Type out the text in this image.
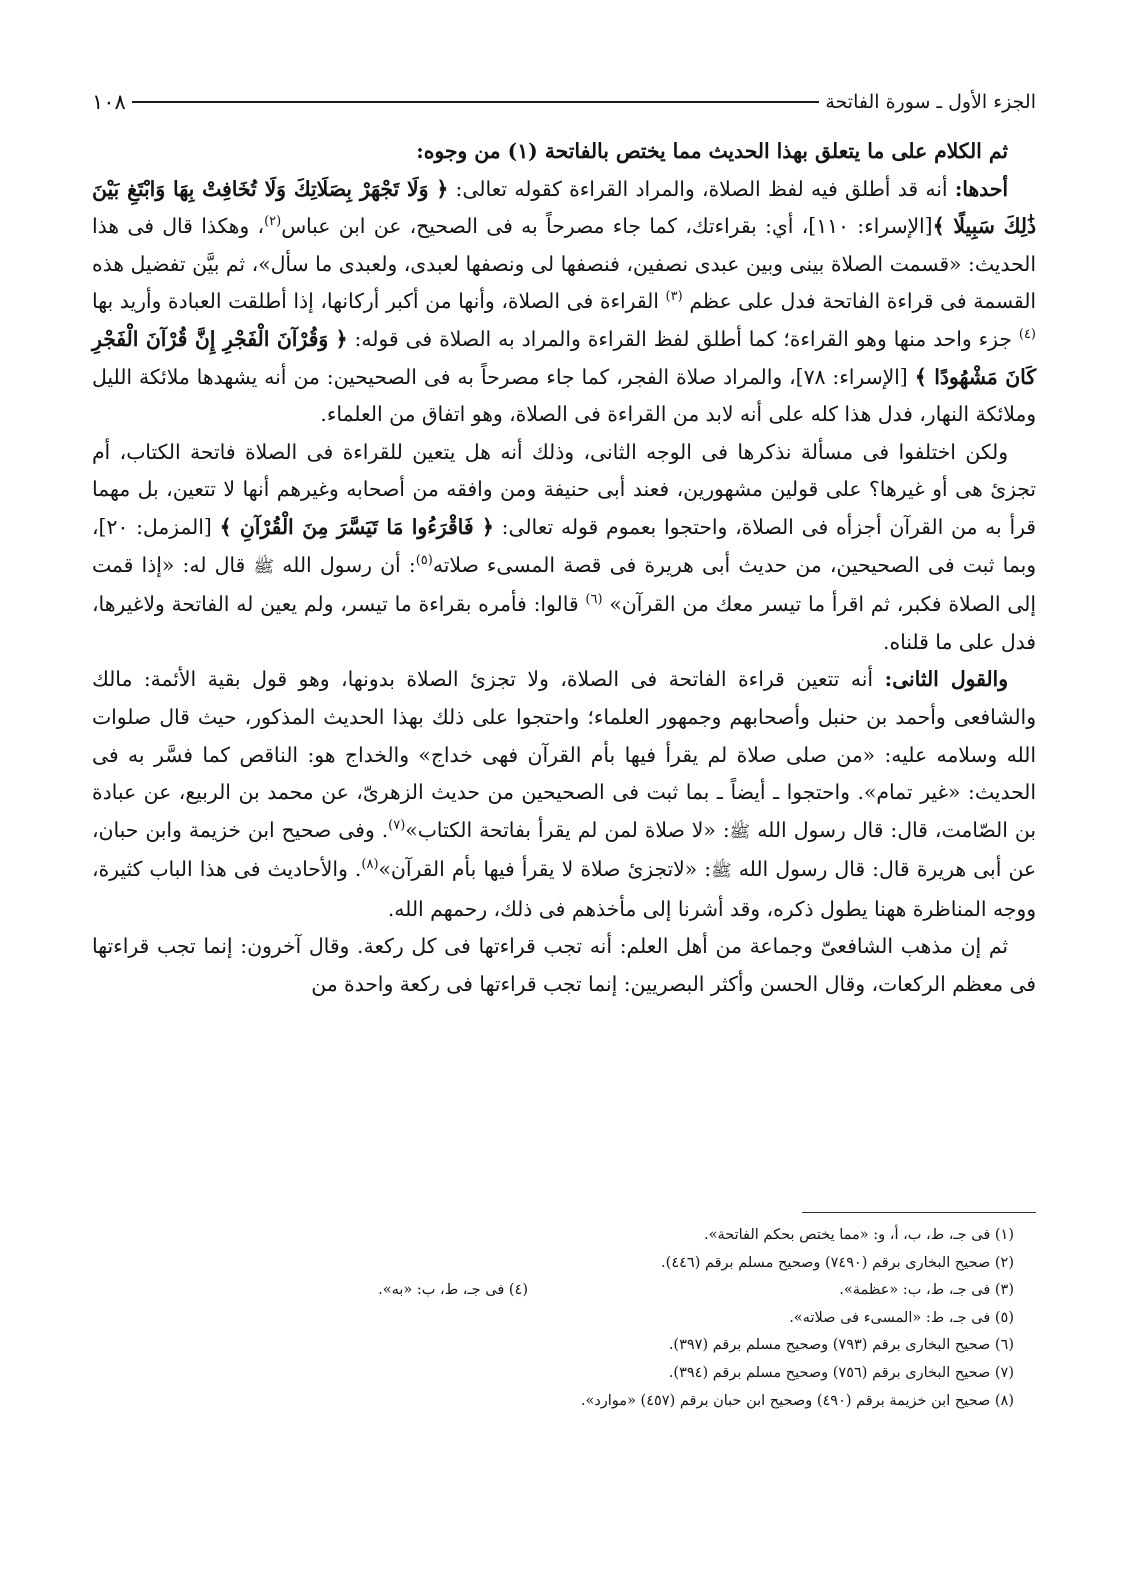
الجزء الأول ـ سورة الفاتحة
١٠٨

ثم الكلام على ما يتعلق بهذا الحديث مما يختص بالفاتحة (١) من وجوه:

أحدها: أنه قد أطلق فيه لفظ الصلاة، والمراد القراءة كقوله تعالى: ﴿ وَلَا تَجْهَرْ بِصَلَاتِكَ وَلَا تُخَافِتْ بِهَا وَابْتَغِ بَيْنَ ذَٰلِكَ سَبِيلًا ﴾[الإسراء: ١١٠]، أي: بقراءتك، كما جاء مصرحاً به فى الصحيح، عن ابن عباس$^{(٢)}$، وهكذا قال فى هذا الحديث: «قسمت الصلاة بينى وبين عبدى نصفين، فنصفها لى ونصفها لعبدى، ولعبدى ما سأل»، ثم بيَّن تفضيل هذه القسمة فى قراءة الفاتحة فدل على عظم $^{(٣)}$ القراءة فى الصلاة، وأنها من أكبر أركانها، إذا أطلقت العبادة وأريد بها $^{(٤)}$ جزء واحد منها وهو القراءة؛ كما أطلق لفظ القراءة والمراد به الصلاة فى قوله: ﴿ وَقُرْآنَ الْفَجْرِ إِنَّ قُرْآنَ الْفَجْرِ كَانَ مَشْهُودًا ﴾ [الإسراء: ٧٨]، والمراد صلاة الفجر، كما جاء مصرحاً به فى الصحيحين: من أنه يشهدها ملائكة الليل وملائكة النهار، فدل هذا كله على أنه لابد من القراءة فى الصلاة، وهو اتفاق من العلماء.

ولكن اختلفوا فى مسألة نذكرها فى الوجه الثانى، وذلك أنه هل يتعين للقراءة فى الصلاة فاتحة الكتاب، أم تجزئ هى أو غيرها؟ على قولين مشهورين، فعند أبى حنيفة ومن وافقه من أصحابه وغيرهم أنها لا تتعين، بل مهما قرأ به من القرآن أجزأه فى الصلاة، واحتجوا بعموم قوله تعالى: ﴿ فَاقْرَءُوا مَا تَيَسَّرَ مِنَ الْقُرْآنِ ﴾ [المزمل: ٢٠]، وبما ثبت فى الصحيحين، من حديث أبى هريرة فى قصة المسىء صلاته$^{(٥)}$: أن رسول الله ﷺ قال له: «إذا قمت إلى الصلاة فكبر، ثم اقرأ ما تيسر معك من القرآن» $^{(٦)}$ قالوا: فأمره بقراءة ما تيسر، ولم يعين له الفاتحة ولاغيرها، فدل على ما قلناه.

والقول الثانى: أنه تتعين قراءة الفاتحة فى الصلاة، ولا تجزئ الصلاة بدونها، وهو قول بقية الأئمة: مالك والشافعى وأحمد بن حنبل وأصحابهم وجمهور العلماء؛ واحتجوا على ذلك بهذا الحديث المذكور، حيث قال صلوات الله وسلامه عليه: «من صلى صلاة لم يقرأ فيها بأم القرآن فهى خداج» والخداج هو: الناقص كما فسَّر به فى الحديث: «غير تمام». واحتجوا ـ أيضاً ـ بما ثبت فى الصحيحين من حديث الزهرىّ، عن محمد بن الربيع، عن عبادة بن الصّامت، قال: قال رسول الله ﷺ: «لا صلاة لمن لم يقرأ بفاتحة الكتاب»$^{(٧)}$. وفى صحيح ابن خزيمة وابن حبان، عن أبى هريرة قال: قال رسول الله ﷺ: «لاتجزئ صلاة لا يقرأ فيها بأم القرآن»$^{(٨)}$. والأحاديث فى هذا الباب كثيرة، ووجه المناظرة ههنا يطول ذكره، وقد أشرنا إلى مأخذهم فى ذلك، رحمهم الله.

ثم إن مذهب الشافعىّ وجماعة من أهل العلم: أنه تجب قراءتها فى كل ركعة. وقال آخرون: إنما تجب قراءتها فى معظم الركعات، وقال الحسن وأكثر البصريين: إنما تجب قراءتها فى ركعة واحدة من

(١) فى جـ، ط، ب، أ، و: «مما يختص بحكم الفاتحة».
(٢) صحيح البخارى برقم (٧٤٩٠) وصحيح مسلم برقم (٤٤٦).
(٣) فى جـ، ط، ب: «عظمة».
(٤) فى جـ، ط، ب: «به».
(٥) فى جـ، ط: «المسىء فى صلاته».
(٦) صحيح البخارى برقم (٧٩٣) وصحيح مسلم برقم (٣٩٧).
(٧) صحيح البخارى برقم (٧٥٦) وصحيح مسلم برقم (٣٩٤).
(٨) صحيح ابن خزيمة برقم (٤٩٠) وصحيح ابن حبان برقم (٤٥٧) «موارد».
